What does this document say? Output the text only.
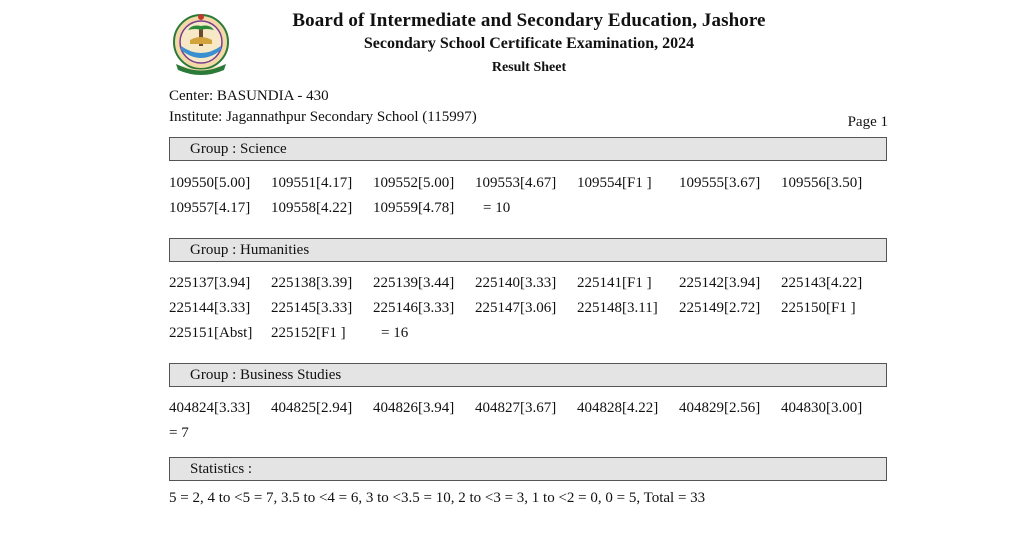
Board of Intermediate and Secondary Education, Jashore
Secondary School Certificate Examination, 2024
Result Sheet
Center: BASUNDIA - 430
Institute: Jagannathpur Secondary School (115997)	Page 1
Group : Science
109550[5.00] 109551[4.17] 109552[5.00] 109553[4.67] 109554[F1 ] 109555[3.67] 109556[3.50]
109557[4.17] 109558[4.22] 109559[4.78] = 10
Group : Humanities
225137[3.94] 225138[3.39] 225139[3.44] 225140[3.33] 225141[F1 ] 225142[3.94] 225143[4.22]
225144[3.33] 225145[3.33] 225146[3.33] 225147[3.06] 225148[3.11] 225149[2.72] 225150[F1 ]
225151[Abst] 225152[F1 ] = 16
Group : Business Studies
404824[3.33] 404825[2.94] 404826[3.94] 404827[3.67] 404828[4.22] 404829[2.56] 404830[3.00]
= 7
Statistics :
5 = 2, 4 to <5 = 7, 3.5 to <4 = 6, 3 to <3.5 = 10, 2 to <3 = 3, 1 to <2 = 0, 0 = 5, Total = 33
